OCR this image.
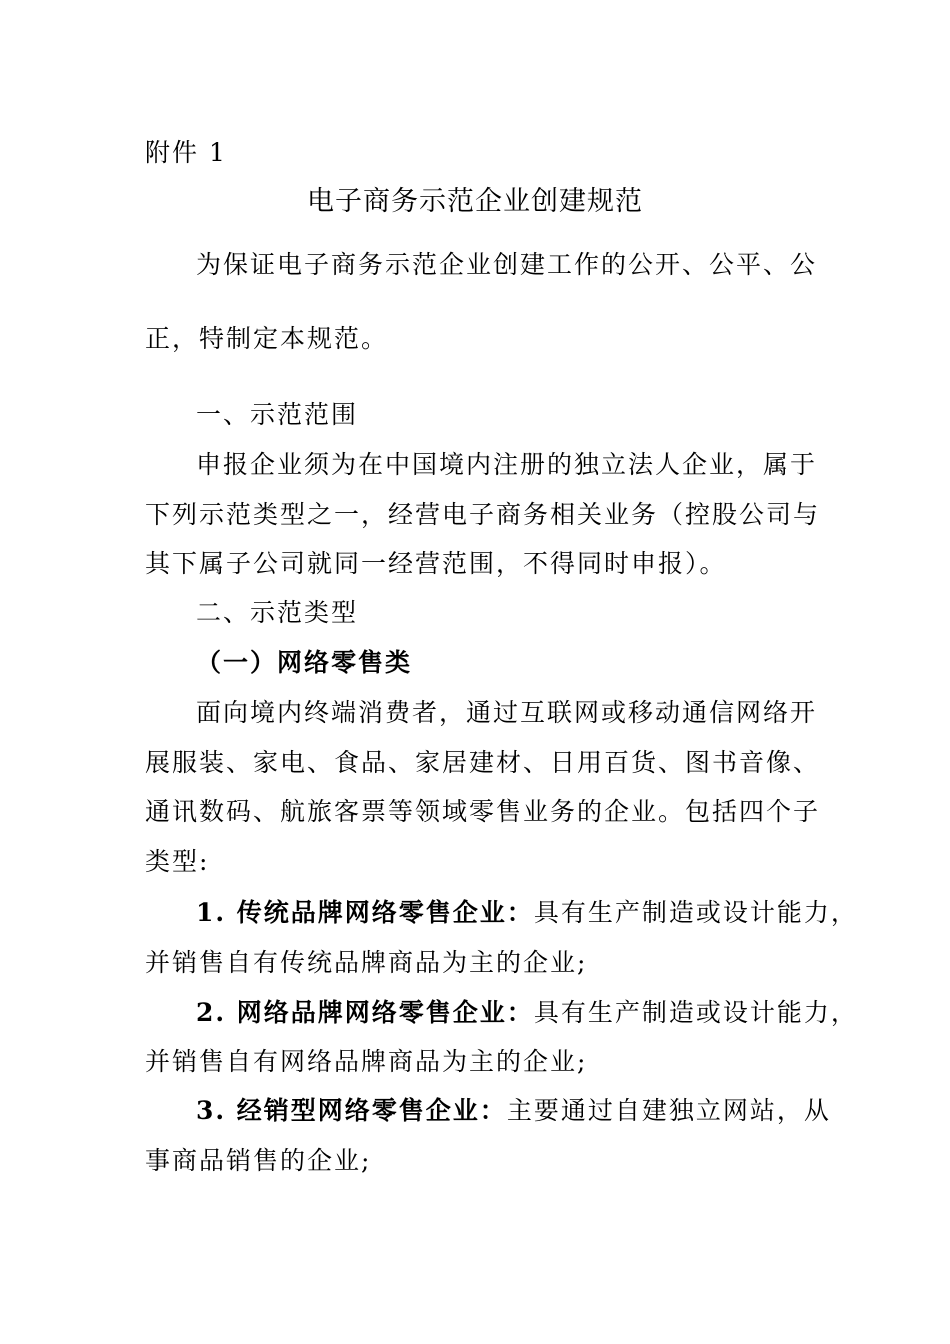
附件 1
电子商务示范企业创建规范
为保证电子商务示范企业创建工作的公开、公平、公
正，特制定本规范。
一、示范范围
申报企业须为在中国境内注册的独立法人企业，属于
下列示范类型之一，经营电子商务相关业务（控股公司与
其下属子公司就同一经营范围，不得同时申报）。
二、示范类型
（一）网络零售类
面向境内终端消费者，通过互联网或移动通信网络开
展服装、家电、食品、家居建材、日用百货、图书音像、
通讯数码、航旅客票等领域零售业务的企业。包括四个子
类型:
1. 传统品牌网络零售企业：具有生产制造或设计能力，
并销售自有传统品牌商品为主的企业;
2. 网络品牌网络零售企业：具有生产制造或设计能力，
并销售自有网络品牌商品为主的企业;
3. 经销型网络零售企业：主要通过自建独立网站，从
事商品销售的企业;
